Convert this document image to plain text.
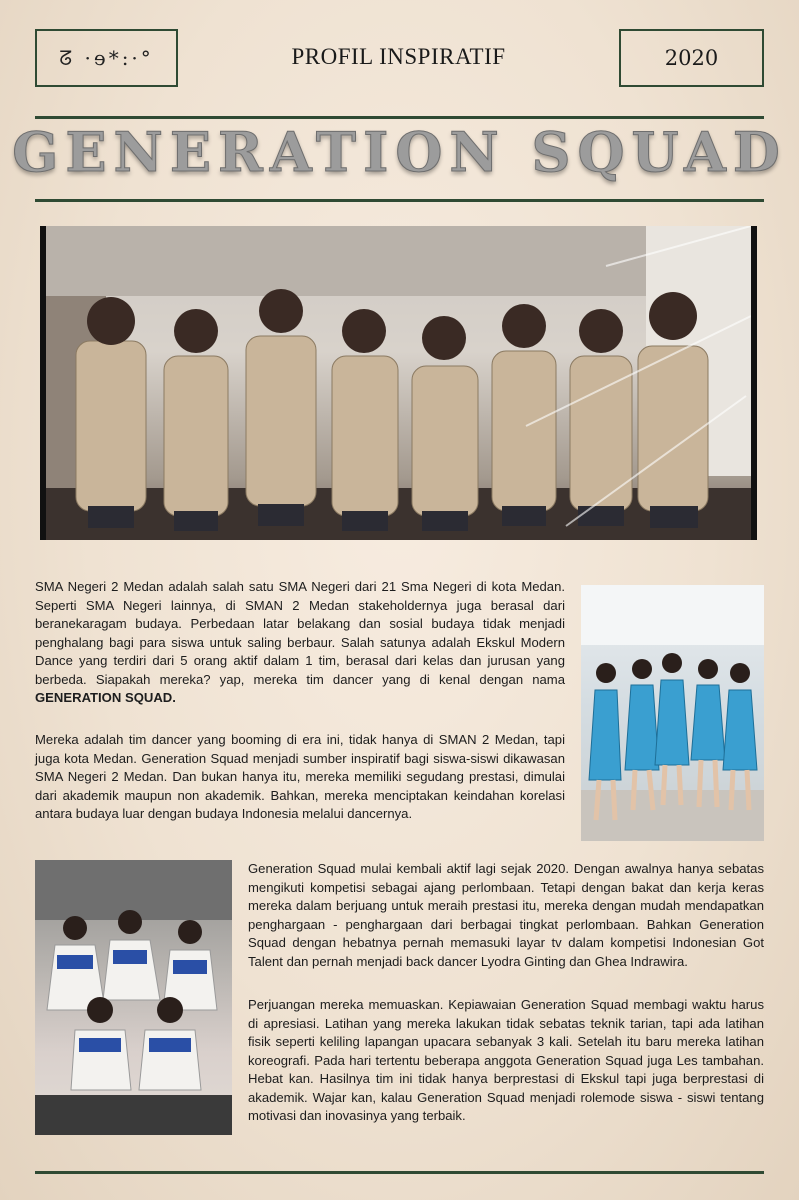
ᘔ ·ɘ*:·°	PROFIL INSPIRATIF	2020
GENERATION SQUAD

SMA Negeri 2 Medan adalah salah satu SMA Negeri dari 21 Sma Negeri di kota Medan. Seperti SMA Negeri lainnya, di SMAN 2 Medan stakeholdernya juga berasal dari beranekaragam budaya. Perbedaan latar belakang dan sosial budaya tidak menjadi penghalang bagi para siswa untuk saling berbaur. Salah satunya adalah Ekskul Modern Dance yang terdiri dari 5 orang aktif dalam 1 tim, berasal dari kelas dan jurusan yang berbeda. Siapakah mereka? yap, mereka tim dancer yang di kenal dengan nama GENERATION SQUAD.

Mereka adalah tim dancer yang booming di era ini, tidak hanya di SMAN 2 Medan, tapi juga kota Medan. Generation Squad menjadi sumber inspiratif bagi siswa-siswi dikawasan SMA Negeri 2 Medan. Dan bukan hanya itu, mereka memiliki segudang prestasi, dimulai dari akademik maupun non akademik. Bahkan, mereka menciptakan keindahan korelasi antara budaya luar dengan budaya Indonesia melalui dancernya.

Generation Squad mulai kembali aktif lagi sejak 2020. Dengan awalnya hanya sebatas mengikuti kompetisi sebagai ajang perlombaan. Tetapi dengan bakat dan kerja keras mereka dalam berjuang untuk meraih prestasi itu, mereka dengan mudah mendapatkan penghargaan - penghargaan dari berbagai tingkat perlombaan. Bahkan Generation Squad dengan hebatnya pernah memasuki layar tv dalam kompetisi Indonesian Got Talent dan pernah menjadi back dancer Lyodra Ginting dan Ghea Indrawira.

Perjuangan mereka memuaskan. Kepiawaian Generation Squad membagi waktu harus di apresiasi. Latihan yang mereka lakukan tidak sebatas teknik tarian, tapi ada latihan fisik seperti keliling lapangan upacara sebanyak 3 kali. Setelah itu baru mereka latihan koreografi. Pada hari tertentu beberapa anggota Generation Squad juga Les tambahan. Hebat kan. Hasilnya tim ini tidak hanya berprestasi di Ekskul tapi juga berprestasi di akademik. Wajar kan, kalau Generation Squad menjadi rolemode siswa - siswi tentang motivasi dan inovasinya yang terbaik.
